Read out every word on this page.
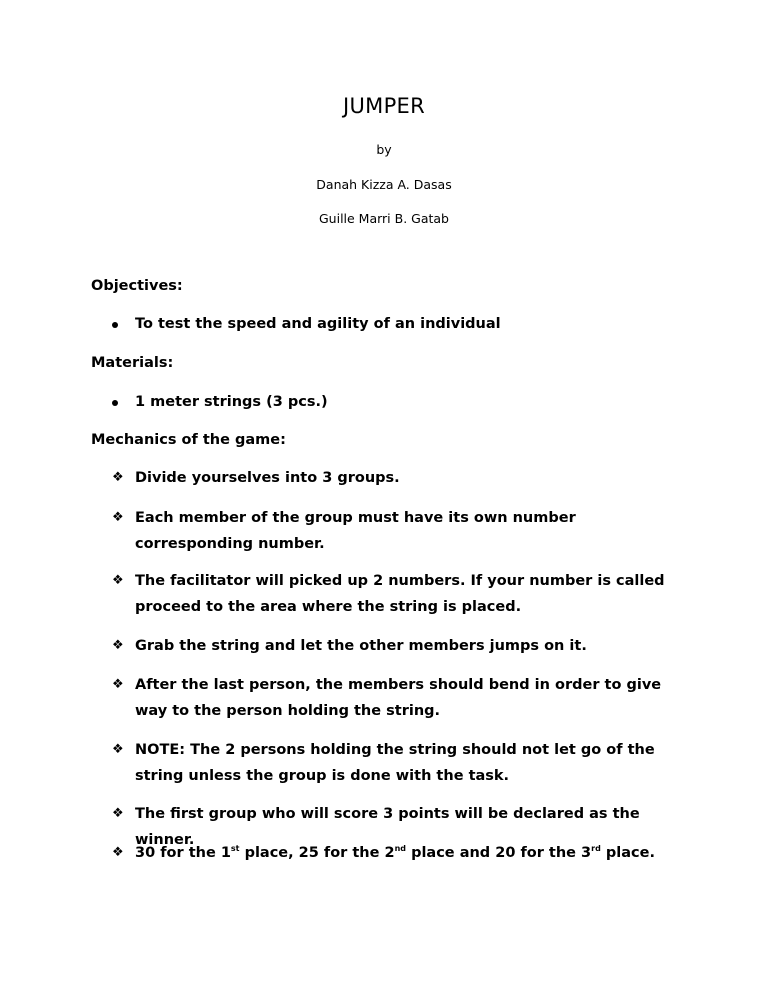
JUMPER
by
Danah Kizza A. Dasas
Guille Marri B. Gatab
Objectives:
To test the speed and agility of an individual
Materials:
1 meter strings (3 pcs.)
Mechanics of the game:
❖ Divide yourselves into 3 groups.
❖ Each member of the group must have its own number corresponding number.
❖ The facilitator will picked up 2 numbers. If your number is called proceed to the area where the string is placed.
❖ Grab the string and let the other members jumps on it.
❖ After the last person, the members should bend in order to give way to the person holding the string.
❖ NOTE: The 2 persons holding the string should not let go of the string unless the group is done with the task.
❖ The first group who will score 3 points will be declared as the winner.
❖ 30 for the 1st place, 25 for the 2nd place and 20 for the 3rd place.
